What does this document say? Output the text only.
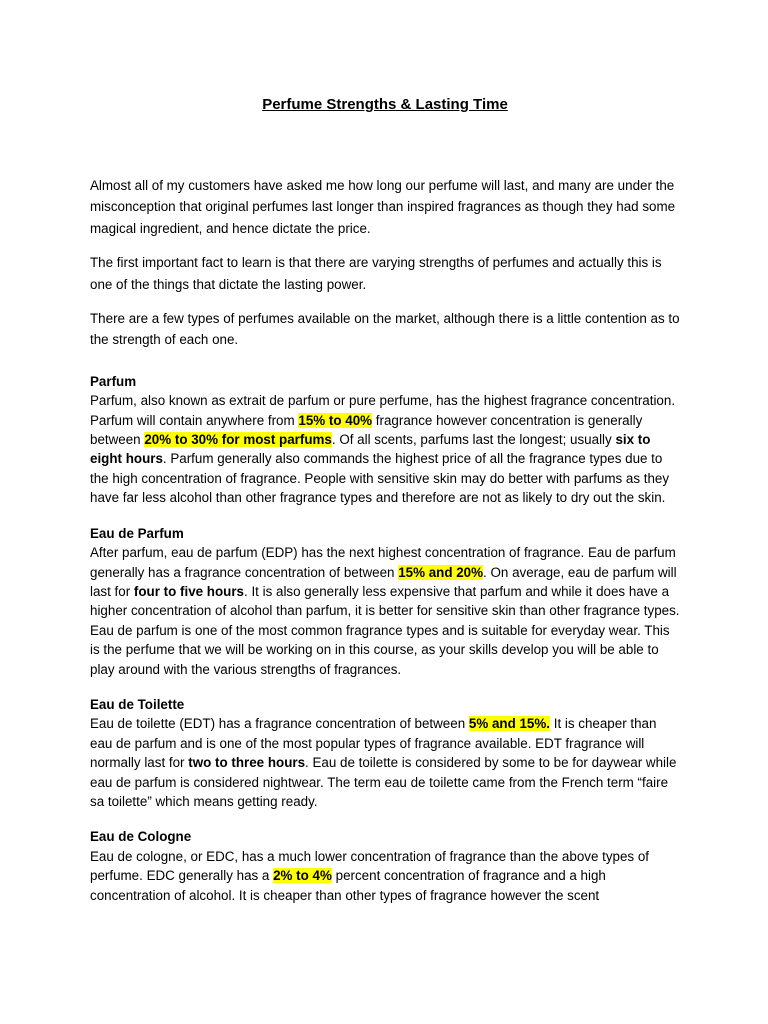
Perfume Strengths & Lasting Time

Almost all of my customers have asked me how long our perfume will last, and many are under the misconception that original perfumes last longer than inspired fragrances as though they had some magical ingredient, and hence dictate the price.

The first important fact to learn is that there are varying strengths of perfumes and actually this is one of the things that dictate the lasting power.

There are a few types of perfumes available on the market, although there is a little contention as to the strength of each one.

Parfum
Parfum, also known as extrait de parfum or pure perfume, has the highest fragrance concentration. Parfum will contain anywhere from 15% to 40% fragrance however concentration is generally between 20% to 30% for most parfums. Of all scents, parfums last the longest; usually six to eight hours. Parfum generally also commands the highest price of all the fragrance types due to the high concentration of fragrance. People with sensitive skin may do better with parfums as they have far less alcohol than other fragrance types and therefore are not as likely to dry out the skin.
Eau de Parfum
After parfum, eau de parfum (EDP) has the next highest concentration of fragrance. Eau de parfum generally has a fragrance concentration of between 15% and 20%. On average, eau de parfum will last for four to five hours. It is also generally less expensive that parfum and while it does have a higher concentration of alcohol than parfum, it is better for sensitive skin than other fragrance types. Eau de parfum is one of the most common fragrance types and is suitable for everyday wear. This is the perfume that we will be working on in this course, as your skills develop you will be able to play around with the various strengths of fragrances.
Eau de Toilette
Eau de toilette (EDT) has a fragrance concentration of between 5% and 15%. It is cheaper than eau de parfum and is one of the most popular types of fragrance available. EDT fragrance will normally last for two to three hours. Eau de toilette is considered by some to be for daywear while eau de parfum is considered nightwear. The term eau de toilette came from the French term “faire sa toilette” which means getting ready.
Eau de Cologne
Eau de cologne, or EDC, has a much lower concentration of fragrance than the above types of perfume. EDC generally has a 2% to 4% percent concentration of fragrance and a high concentration of alcohol. It is cheaper than other types of fragrance however the scent
